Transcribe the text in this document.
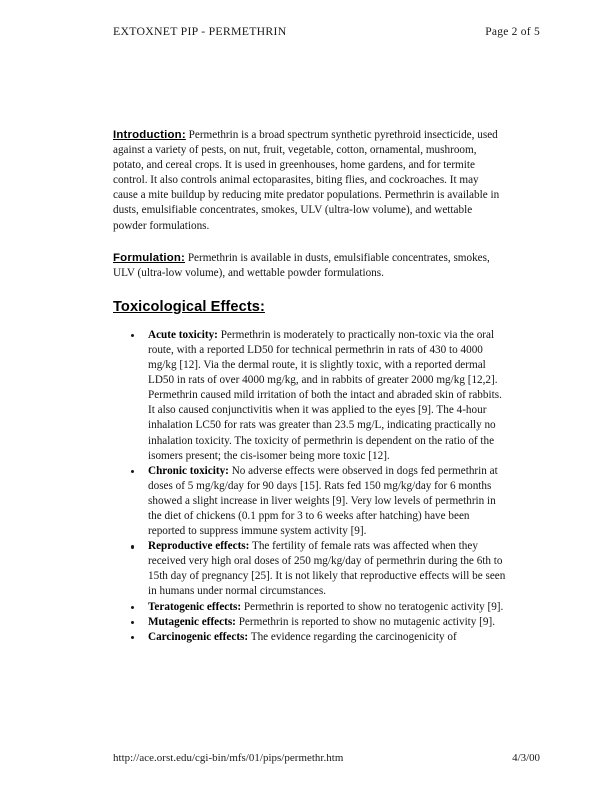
EXTOXNET PIP - PERMETHRIN	Page 2 of 5

Introduction: Permethrin is a broad spectrum synthetic pyrethroid insecticide, used against a variety of pests, on nut, fruit, vegetable, cotton, ornamental, mushroom, potato, and cereal crops. It is used in greenhouses, home gardens, and for termite control. It also controls animal ectoparasites, biting flies, and cockroaches. It may cause a mite buildup by reducing mite predator populations. Permethrin is available in dusts, emulsifiable concentrates, smokes, ULV (ultra-low volume), and wettable powder formulations.

Formulation: Permethrin is available in dusts, emulsifiable concentrates, smokes, ULV (ultra-low volume), and wettable powder formulations.

Toxicological Effects:
Acute toxicity: Permethrin is moderately to practically non-toxic via the oral route, with a reported LD50 for technical permethrin in rats of 430 to 4000 mg/kg [12]. Via the dermal route, it is slightly toxic, with a reported dermal LD50 in rats of over 4000 mg/kg, and in rabbits of greater 2000 mg/kg [12,2]. Permethrin caused mild irritation of both the intact and abraded skin of rabbits. It also caused conjunctivitis when it was applied to the eyes [9]. The 4-hour inhalation LC50 for rats was greater than 23.5 mg/L, indicating practically no inhalation toxicity. The toxicity of permethrin is dependent on the ratio of the isomers present; the cis-isomer being more toxic [12].
Chronic toxicity: No adverse effects were observed in dogs fed permethrin at doses of 5 mg/kg/day for 90 days [15]. Rats fed 150 mg/kg/day for 6 months showed a slight increase in liver weights [9]. Very low levels of permethrin in the diet of chickens (0.1 ppm for 3 to 6 weeks after hatching) have been reported to suppress immune system activity [9].
Reproductive effects: The fertility of female rats was affected when they received very high oral doses of 250 mg/kg/day of permethrin during the 6th to 15th day of pregnancy [25]. It is not likely that reproductive effects will be seen in humans under normal circumstances.
Teratogenic effects: Permethrin is reported to show no teratogenic activity [9].
Mutagenic effects: Permethrin is reported to show no mutagenic activity [9].
Carcinogenic effects: The evidence regarding the carcinogenicity of
http://ace.orst.edu/cgi-bin/mfs/01/pips/permethr.htm	4/3/00
